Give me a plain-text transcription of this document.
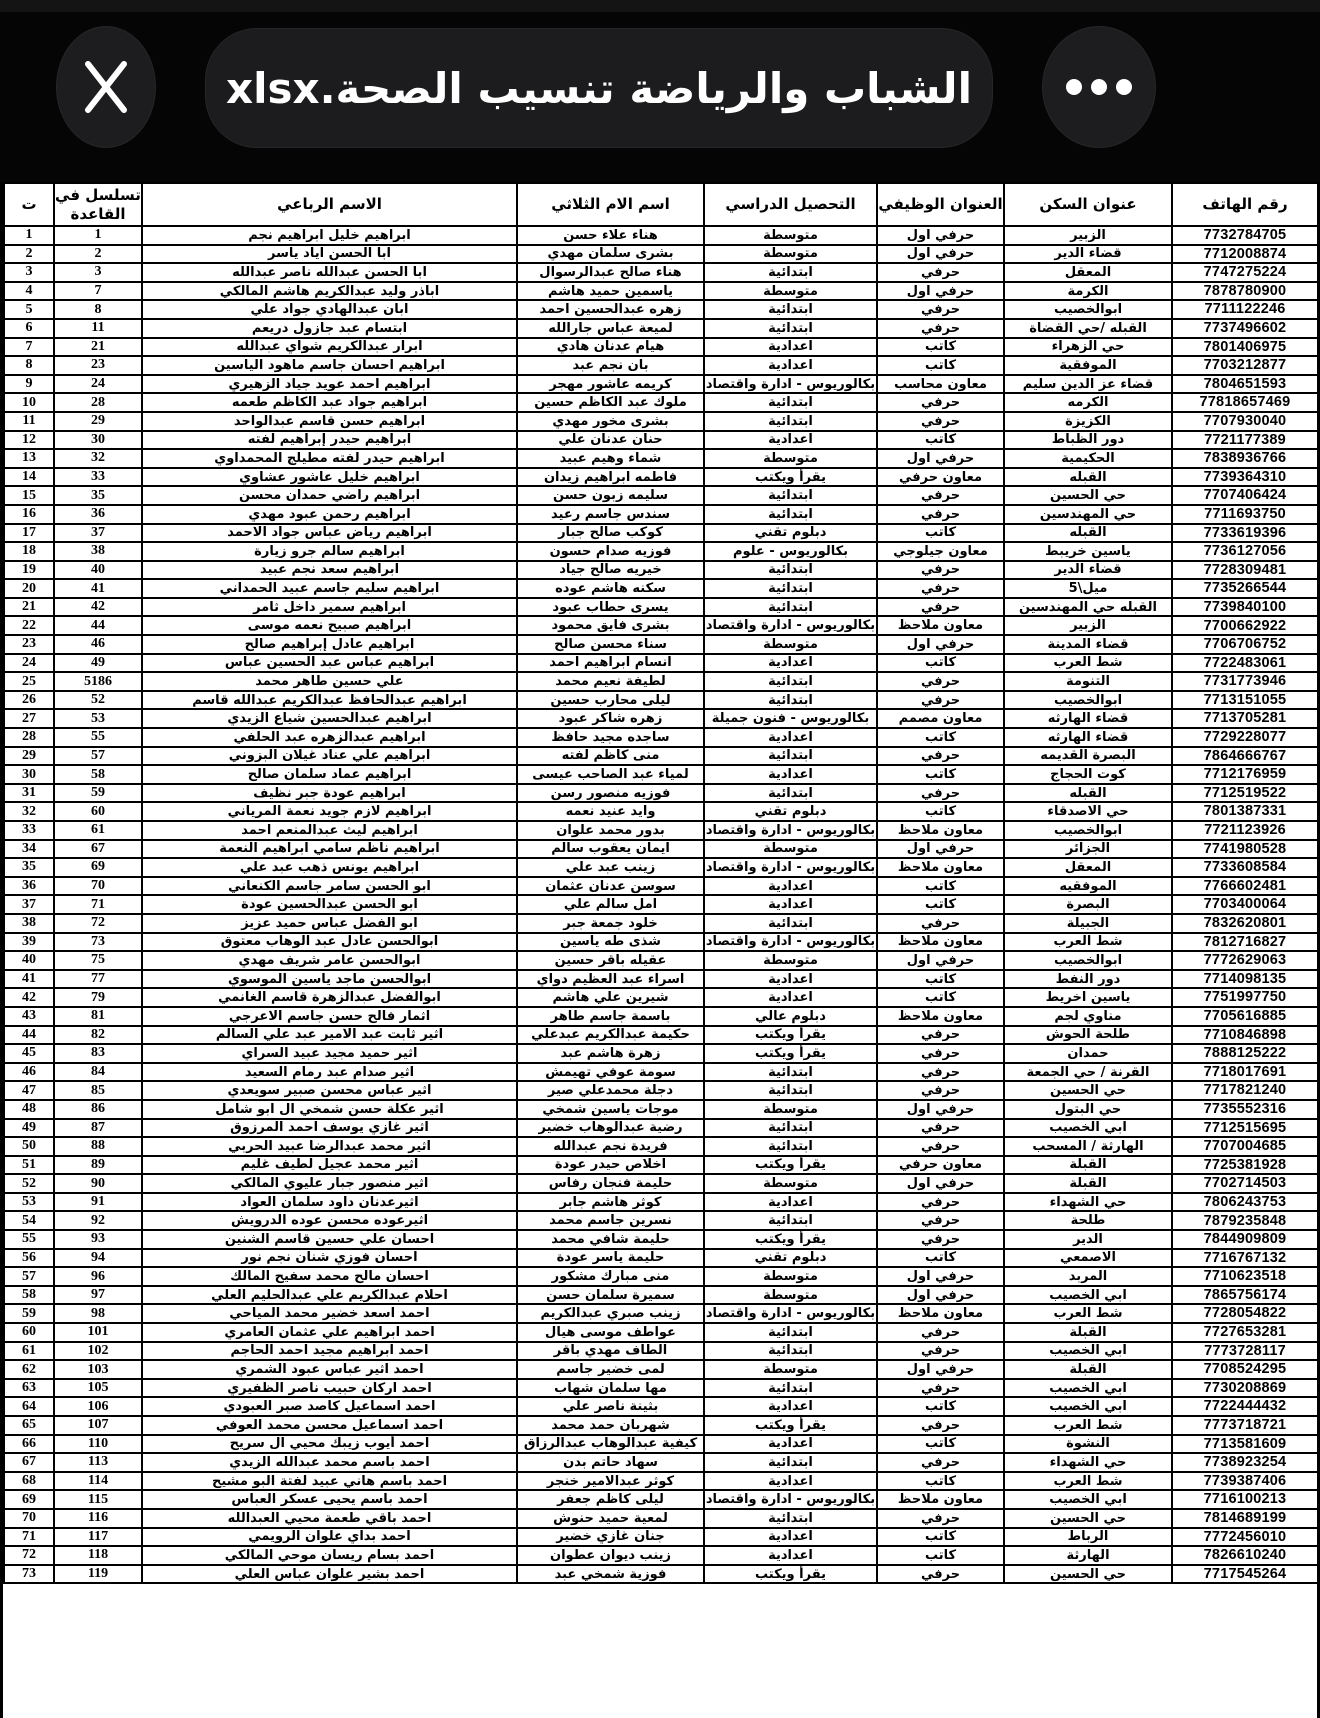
الشباب والرياضة تنسيب الصحة.xlsx
ت	تسلسل في القاعدة	الاسم الرباعي	اسم الام الثلاثي	التحصيل الدراسي	العنوان الوظيفي	عنوان السكن	رقم الهاتف
1	1	ابراهيم خليل ابراهيم نجم	هناء علاء حسن	متوسطة	حرفي اول	الزبير	7732784705
2	2	ابا الحسن اياد ياسر	بشرى سلمان مهدي	متوسطة	حرفي اول	قضاء الدير	7712008874
3	3	ابا الحسن عبدالله ناصر عبدالله	هناء صالح عبدالرسوال	ابتدائية	حرفي	المعقل	7747275224
4	7	اباذر وليد عبدالكريم هاشم المالكي	ياسمين حميد هاشم	متوسطة	حرفي اول	الكرمة	7878780900
5	8	ابان عبدالهادي جواد علي	زهره عبدالحسين احمد	ابتدائية	حرفي	ابوالخصيب	7711122246
6	11	ابتسام عبد جازول دريعم	لميعة عباس جارالله	ابتدائية	حرفي	القبله /حي القضاة	7737496602
7	21	ابرار عبدالكريم شواي عبدالله	هيام عدنان هادي	اعدادية	كاتب	حي الزهراء	7801406975
8	23	ابراهيم احسان جاسم ماهود الياسين	بان نجم عبد	اعدادية	كاتب	الموفقية	7703212877
9	24	ابراهيم احمد عويد جياد الزهيري	كريمه عاشور مهجر	بكالوريوس - ادارة واقتصاد	معاون محاسب	قضاء عز الدين سليم	7804651593
10	28	ابراهيم جواد عبد الكاظم طعمه	ملوك عبد الكاظم حسين	ابتدائية	حرفي	الكرمه	77818657469
11	29	ابراهيم حسن قاسم عبدالواحد	بشرى مخور مهدي	ابتدائية	حرفي	الكزيزة	7707930040
12	30	ابراهيم حيدر إبراهيم لفته	حنان عدنان علي	اعدادية	كاتب	دور الظباط	7721177389
13	32	ابراهيم حيدر لفته مطيلج المحمداوي	شماء وهيم عبيد	متوسطة	حرفي اول	الحكيمية	7838936766
14	33	ابراهيم خليل عاشور عشاوي	فاطمه ابراهيم زيدان	يقرأ ويكتب	معاون حرفي	القبله	7739364310
15	35	ابراهيم راضي حمدان محسن	سليمه زبون حسن	ابتدائية	حرفي	حي الحسين	7707406424
16	36	ابراهيم رحمن عبود مهدي	سندس جاسم رعيد	ابتدائية	حرفي	حي المهندسين	7711693750
17	37	ابراهيم رياض عباس جواد الاحمد	كوكب صالح جبار	دبلوم تقني	كاتب	القبله	7733619396
18	38	ابراهيم سالم جرو زيارة	فوزيه صدام حسون	بكالوريوس - علوم	معاون جيلوجي	ياسين خريبط	7736127056
19	40	ابراهيم سعد نجم عبيد	خيريه صالح جياد	ابتدائية	حرفي	قضاء الدير	7728309481
20	41	ابراهيم سليم جاسم عبيد الحمداني	سكنه هاشم عوده	ابتدائية	حرفي	ميل\5	7735266544
21	42	ابراهيم سمير داخل ثامر	يسرى حطاب عبود	ابتدائية	حرفي	القبله حي المهندسين	7739840100
22	44	ابراهيم صبيح نعمه موسى	بشرى فايق محمود	بكالوريوس - ادارة واقتصاد	معاون ملاحظ	الزبير	7700662922
23	46	ابراهيم عادل إبراهيم صالح	سناء محسن صالح	متوسطة	حرفي اول	قضاء المدينة	7706706752
24	49	ابراهيم عباس عبد الحسين عباس	انسام ابراهيم احمد	اعدادية	كاتب	شط العرب	7722483061
25	5186	علي حسين طاهر محمد	لطيفة نعيم محمد	ابتدائية	حرفي	التنومة	7731773946
26	52	ابراهيم عبدالحافظ عبدالكريم عبدالله قاسم	ليلى محارب حسين	ابتدائية	حرفي	ابوالخصيب	7713151055
27	53	ابراهيم عبدالحسين شياع الزيدي	زهره شاكر عبود	بكالوريوس - فنون جميلة	معاون مصمم	قضاء الهارثه	7713705281
28	55	ابراهيم عبدالزهره عبد الحلفي	ساجده مجيد حافظ	اعدادية	كاتب	قضاء الهارثه	7729228077
29	57	ابراهيم علي عناد غيلان البزوني	منى كاظم لفته	ابتدائية	حرفي	البصرة القديمه	7864666767
30	58	ابراهيم عماد سلمان صالح	لمياء عبد الصاحب عيسى	اعدادية	كاتب	كوت الحجاج	7712176959
31	59	ابراهيم عودة جبر نظيف	فوزيه منصور رسن	ابتدائية	حرفي	القبله	7712519522
32	60	ابراهيم لازم جويد نعمة المرياني	وايد عنيد نعمه	دبلوم تقني	كاتب	حي الاصدقاء	7801387331
33	61	ابراهيم ليث عبدالمنعم احمد	بدور محمد علوان	بكالوريوس - ادارة واقتصاد	معاون ملاحظ	ابوالخصيب	7721123926
34	67	ابراهيم ناظم سامي ابراهيم النعمة	ايمان يعقوب سالم	متوسطة	حرفي اول	الجزائر	7741980528
35	69	ابراهيم يونس ذهب عبد علي	زينب عبد علي	بكالوريوس - ادارة واقتصاد	معاون ملاحظ	المعقل	7733608584
36	70	ابو الحسن سامر جاسم الكنعاني	سوسن عدنان عثمان	اعدادية	كاتب	الموفقيه	7766602481
37	71	ابو الحسن عبدالحسين عودة	امل سالم علي	اعدادية	كاتب	البصرة	7703400064
38	72	ابو الفضل عباس حميد عزيز	خلود جمعة جبر	ابتدائية	حرفي	الجبيلة	7832620801
39	73	ابوالحسن عادل عبد الوهاب معتوق	شذى طه ياسين	بكالوريوس - ادارة واقتصاد	معاون ملاحظ	شط العرب	7812716827
40	75	ابوالحسن عامر شريف مهدي	عقيله باقر حسين	متوسطة	حرفي اول	ابوالخصيب	7772629063
41	77	ابوالحسن ماجد ياسين الموسوي	اسراء عبد العظيم دواي	اعدادية	كاتب	دور النفط	7714098135
42	79	ابوالفضل عبدالزهرة قاسم الغانمي	شيرين علي هاشم	اعدادية	كاتب	ياسين اخريط	7751997750
43	81	اثمار فالح حسن جاسم الاعرجي	باسمة جاسم طاهر	دبلوم عالي	معاون ملاحظ	مناوي لجم	7705616885
44	82	اثير ثابت عبد الامير عبد علي السالم	حكيمة عبدالكريم عبدعلي	يقرأ ويكتب	حرفي	طلحة الحوش	7710846898
45	83	اثير حميد مجيد عبيد السراي	زهرة هاشم عبد	يقرأ ويكتب	حرفي	حمدان	7888125222
46	84	اثير صدام عبد رمام السعيد	سومة عوفي تهيمش	ابتدائية	حرفي	القرنة / حي الجمعة	7718017691
47	85	اثير عباس محسن صبير سويعدي	دجلة محمدعلي صير	ابتدائية	حرفي	حي الحسين	7717821240
48	86	اثير عكلة حسن شمخي ال ابو شامل	موجات ياسين شمخي	متوسطة	حرفي اول	حي البتول	7735552316
49	87	اثير غازي يوسف احمد المرزوق	رضية عبدالوهاب خضير	ابتدائية	حرفي	ابي الخصيب	7712515695
50	88	اثير محمد عبدالرضا عبيد الحربي	فريدة نجم عبدالله	ابتدائية	حرفي	الهارثة / المسحب	7707004685
51	89	اثير محمد عجيل لطيف غليم	اخلاص حيدر عودة	يقرأ ويكتب	معاون حرفي	القبلة	7725381928
52	90	اثير منصور جبار عليوي المالكي	حليمة فنجان رفاس	متوسطة	حرفي اول	القبلة	7702714503
53	91	اثيرعدنان داود سلمان العواد	كوثر هاشم جابر	اعدادية	حرفي	حي الشهداء	7806243753
54	92	اثيرعوده محسن عوده الدرويش	نسرين جاسم محمد	ابتدائية	حرفي	طلحة	7879235848
55	93	احسان علي حسين قاسم الشنين	حليمة شافي محمد	يقرأ ويكتب	حرفي	الدير	7844909809
56	94	احسان فوزي شنان نجم نور	حليمة ياسر عودة	دبلوم تقني	كاتب	الاصمعي	7716767132
57	96	احسان مالح محمد سفيح المالك	منى مبارك مشكور	متوسطة	حرفي اول	المربد	7710623518
58	97	احلام عبدالكريم علي عبدالحليم العلي	سميرة سلمان حسن	متوسطة	حرفي اول	ابي الخصيب	7865756174
59	98	احمد اسعد خضير محمد المياحي	زينب صبري عبدالكريم	بكالوريوس - ادارة واقتصاد	معاون ملاحظ	شط العرب	7728054822
60	101	احمد ابراهيم علي عثمان العامري	عواطف موسى هيال	ابتدائية	حرفي	القبلة	7727653281
61	102	احمد ابراهيم مجيد احمد الحاجم	الطاف مهدي باقر	ابتدائية	حرفي	ابي الخصيب	7773728117
62	103	احمد اثير عباس عبود الشمري	لمى خضير جاسم	متوسطة	حرفي اول	القبلة	7708524295
63	105	احمد اركان حبيب ناصر الظفيري	مها سلمان شهاب	ابتدائية	حرفي	ابي الخصيب	7730208869
64	106	احمد اسماعيل كاصد صبر العبودي	بثينة ناصر علي	اعدادية	كاتب	ابي الخصيب	7722444432
65	107	احمد اسماعيل محسن محمد العوفي	شهربان حمد محمد	يقرأ ويكتب	حرفي	شط العرب	7773718721
66	110	احمد أيوب زيبك محيي ال سريح	كيفية عبدالوهاب عبدالرزاق	اعدادية	كاتب	النشوة	7713581609
67	113	احمد باسم محمد عبدالله الزيدي	سهاد حاتم بدن	ابتدائية	حرفي	حي الشهداء	7738923254
68	114	احمد باسم هاني عبيد لفتة البو مشيح	كوثر عبدالامير خنجر	اعدادية	كاتب	شط العرب	7739387406
69	115	احمد باسم يحيى عسكر العباس	ليلى كاظم جعفر	بكالوريوس - ادارة واقتصاد	معاون ملاحظ	ابي الخصيب	7716100213
70	116	احمد باقي طعمة محيي العبدالله	لمعية حميد حنوش	ابتدائية	حرفي	حي الحسين	7814689199
71	117	احمد بداي علوان الرويمي	جنان غازي خضير	اعدادية	كاتب	الرباط	7772456010
72	118	احمد بسام ريسان موحي المالكي	زينب ديوان عطوان	اعدادية	كاتب	الهارثة	7826610240
73	119	احمد بشير علوان عباس العلي	فوزية شمخي عبد	يقرأ ويكتب	حرفي	حي الحسين	7717545264
